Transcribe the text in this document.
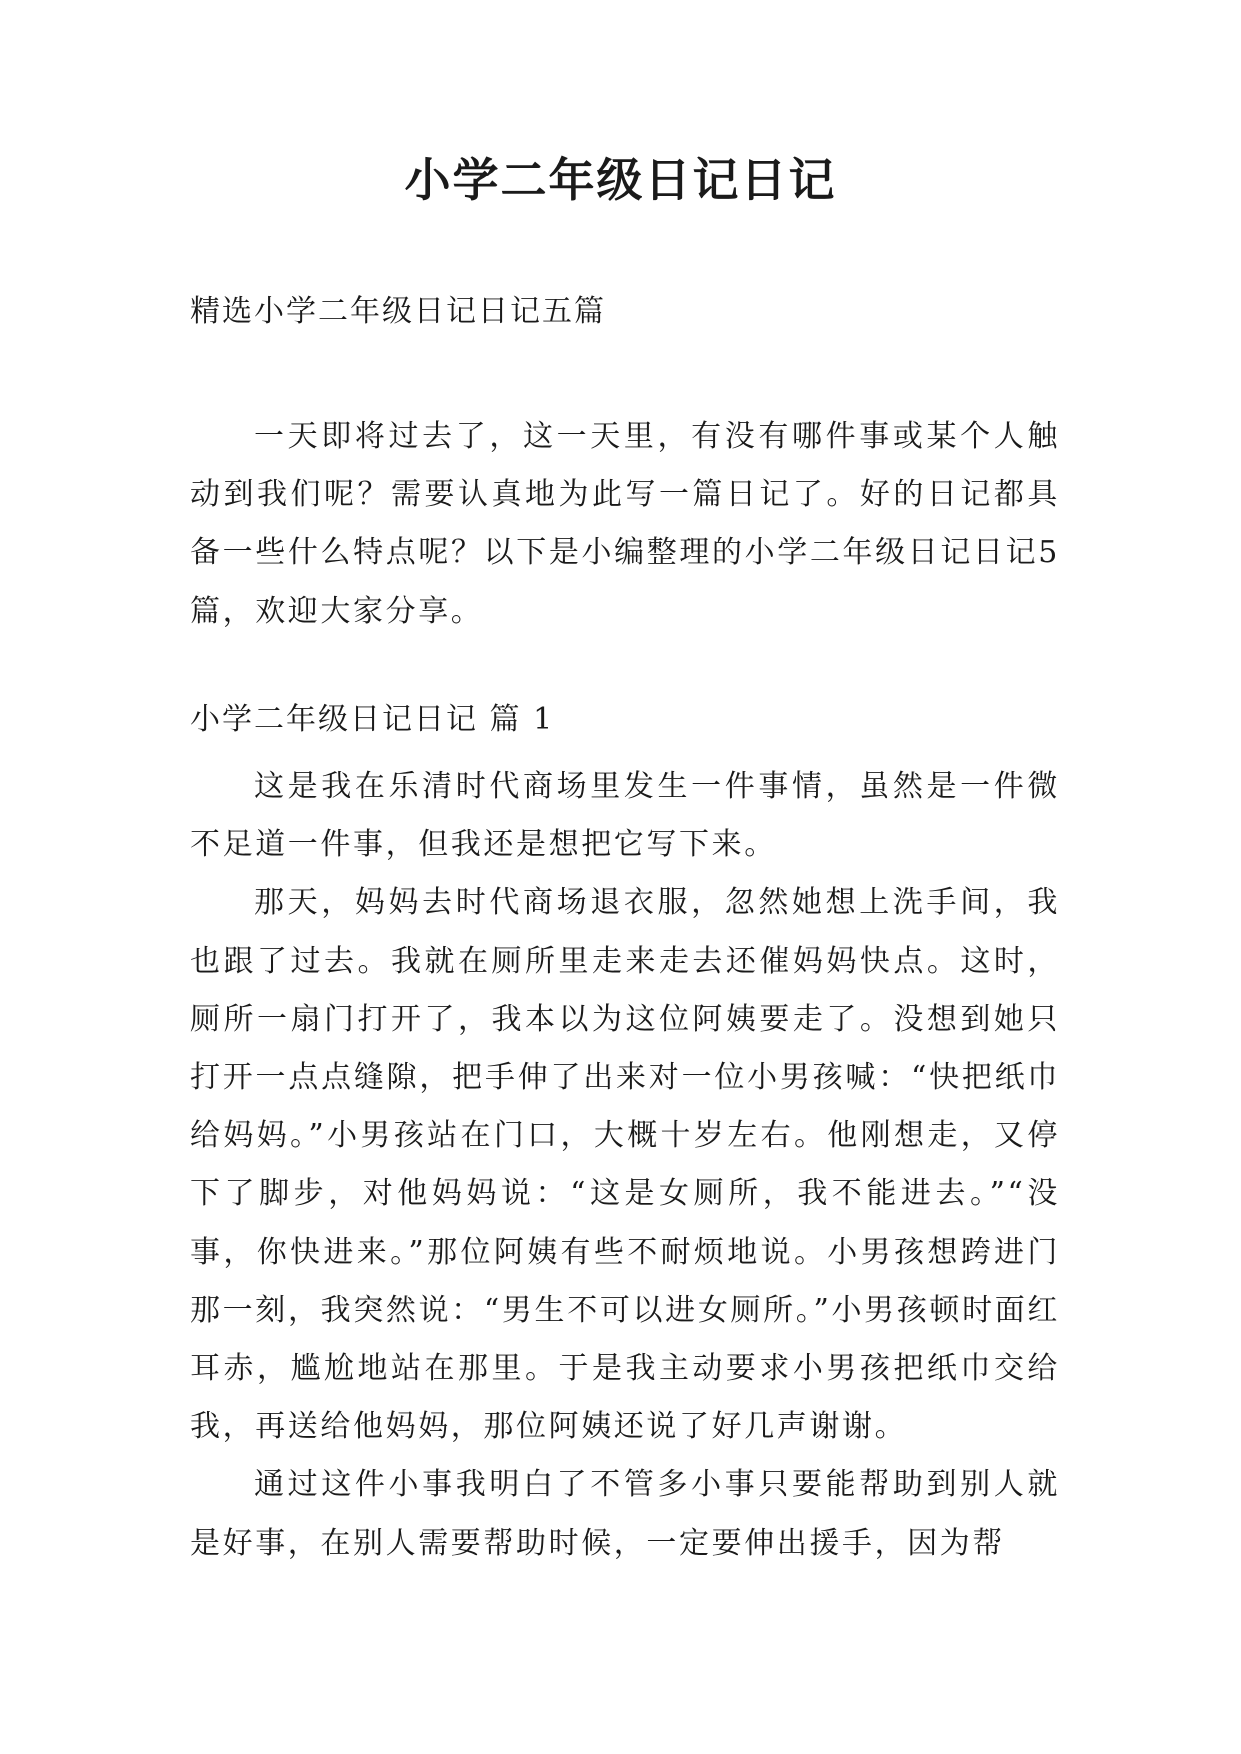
小学二年级日记日记
精选小学二年级日记日记五篇

一天即将过去了，这一天里，有没有哪件事或某个人触动到我们呢？需要认真地为此写一篇日记了。好的日记都具备一些什么特点呢？以下是小编整理的小学二年级日记日记5篇，欢迎大家分享。

小学二年级日记日记 篇 1

这是我在乐清时代商场里发生一件事情，虽然是一件微不足道一件事，但我还是想把它写下来。

那天，妈妈去时代商场退衣服，忽然她想上洗手间，我也跟了过去。我就在厕所里走来走去还催妈妈快点。这时，厕所一扇门打开了，我本以为这位阿姨要走了。没想到她只打开一点点缝隙，把手伸了出来对一位小男孩喊：“快把纸巾给妈妈。”小男孩站在门口，大概十岁左右。他刚想走，又停下了脚步，对他妈妈说：“这是女厕所，我不能进去。”“没事，你快进来。”那位阿姨有些不耐烦地说。小男孩想跨进门那一刻，我突然说：“男生不可以进女厕所。”小男孩顿时面红耳赤，尴尬地站在那里。于是我主动要求小男孩把纸巾交给我，再送给他妈妈，那位阿姨还说了好几声谢谢。

通过这件小事我明白了不管多小事只要能帮助到别人就是好事，在别人需要帮助时候，一定要伸出援手，因为帮
